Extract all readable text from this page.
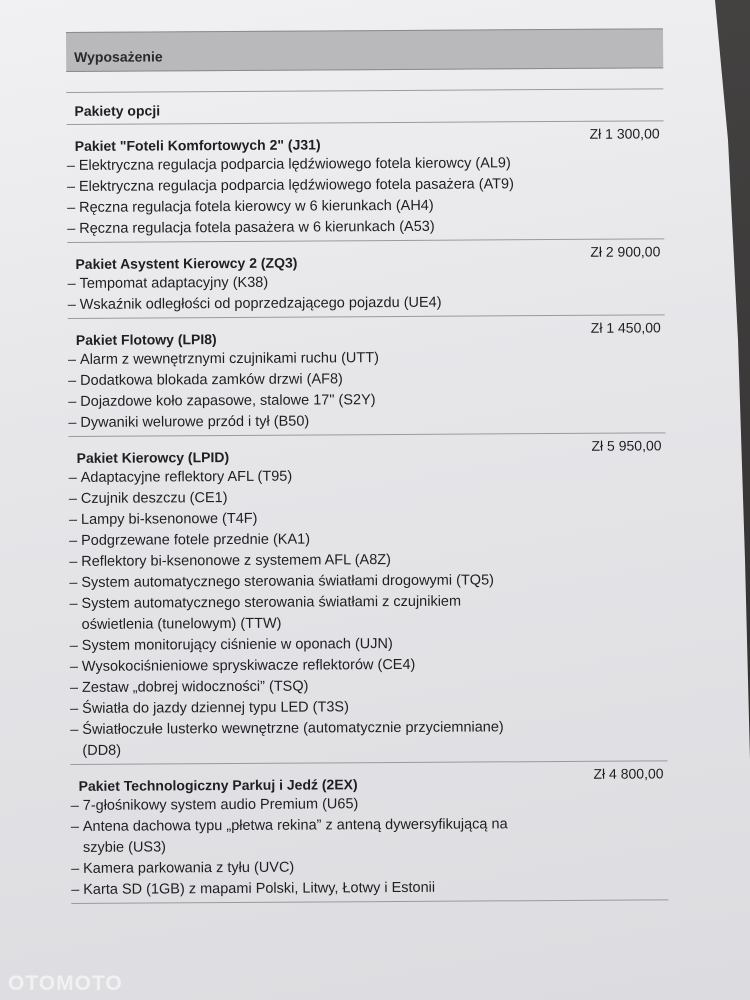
Wyposażenie
Pakiety opcji
Pakiet "Foteli Komfortowych 2" (J31)
Zł 1 300,00
– Elektryczna regulacja podparcia lędźwiowego fotela kierowcy (AL9)
– Elektryczna regulacja podparcia lędźwiowego fotela pasażera (AT9)
– Ręczna regulacja fotela kierowcy w 6 kierunkach (AH4)
– Ręczna regulacja fotela pasażera w 6 kierunkach (A53)
Pakiet Asystent Kierowcy 2 (ZQ3)
Zł 2 900,00
– Tempomat adaptacyjny (K38)
– Wskaźnik odległości od poprzedzającego pojazdu (UE4)
Pakiet Flotowy (LPI8)
Zł 1 450,00
– Alarm z wewnętrznymi czujnikami ruchu (UTT)
– Dodatkowa blokada zamków drzwi (AF8)
– Dojazdowe koło zapasowe, stalowe 17" (S2Y)
– Dywaniki welurowe przód i tył (B50)
Pakiet Kierowcy (LPID)
Zł 5 950,00
– Adaptacyjne reflektory AFL (T95)
– Czujnik deszczu (CE1)
– Lampy bi-ksenonowe (T4F)
– Podgrzewane fotele przednie (KA1)
– Reflektory bi-ksenonowe z systemem AFL (A8Z)
– System automatycznego sterowania światłami drogowymi (TQ5)
– System automatycznego sterowania światłami z czujnikiem oświetlenia (tunelowym) (TTW)
– System monitorujący ciśnienie w oponach (UJN)
– Wysokociśnieniowe spryskiwacze reflektorów (CE4)
– Zestaw „dobrej widoczności” (TSQ)
– Światła do jazdy dziennej typu LED (T3S)
– Światłoczułe lusterko wewnętrzne (automatycznie przyciemniane) (DD8)
Pakiet Technologiczny Parkuj i Jedź (2EX)
Zł 4 800,00
– 7-głośnikowy system audio Premium (U65)
– Antena dachowa typu „płetwa rekina” z anteną dywersyfikującą na szybie (US3)
– Kamera parkowania z tyłu (UVC)
– Karta SD (1GB) z mapami Polski, Litwy, Łotwy i Estonii
OTOMOTO
